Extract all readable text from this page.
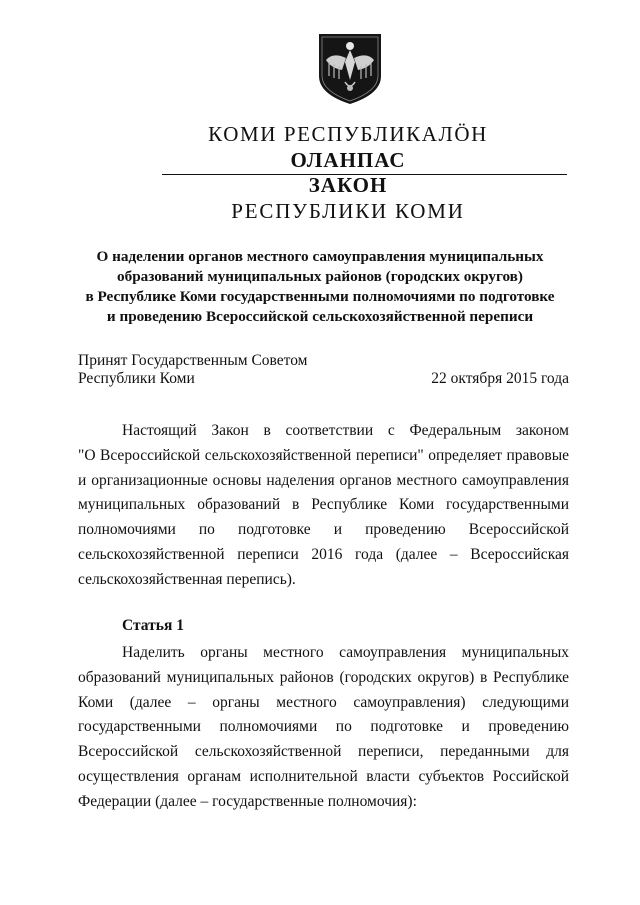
КОМИ РЕСПУБЛИКАЛÖН
ОЛАНПАС
ЗАКОН
РЕСПУБЛИКИ КОМИ
О наделении органов местного самоуправления муниципальных
образований муниципальных районов (городских округов)
в Республике Коми государственными полномочиями по подготовке
и проведению Всероссийской сельскохозяйственной переписи
Принят Государственным Советом
Республики Коми	22 октября 2015 года
Настоящий Закон в соответствии с Федеральным законом
"О Всероссийской сельскохозяйственной переписи" определяет правовые
и организационные основы наделения органов местного самоуправления
муниципальных образований в Республике Коми государственными
полномочиями по подготовке и проведению Всероссийской
сельскохозяйственной переписи 2016 года (далее – Всероссийская
сельскохозяйственная перепись).
Статья 1
Наделить органы местного самоуправления муниципальных
образований муниципальных районов (городских округов) в Республике
Коми (далее – органы местного самоуправления) следующими
государственными полномочиями по подготовке и проведению
Всероссийской сельскохозяйственной переписи, переданными для
осуществления органам исполнительной власти субъектов Российской
Федерации (далее – государственные полномочия):
